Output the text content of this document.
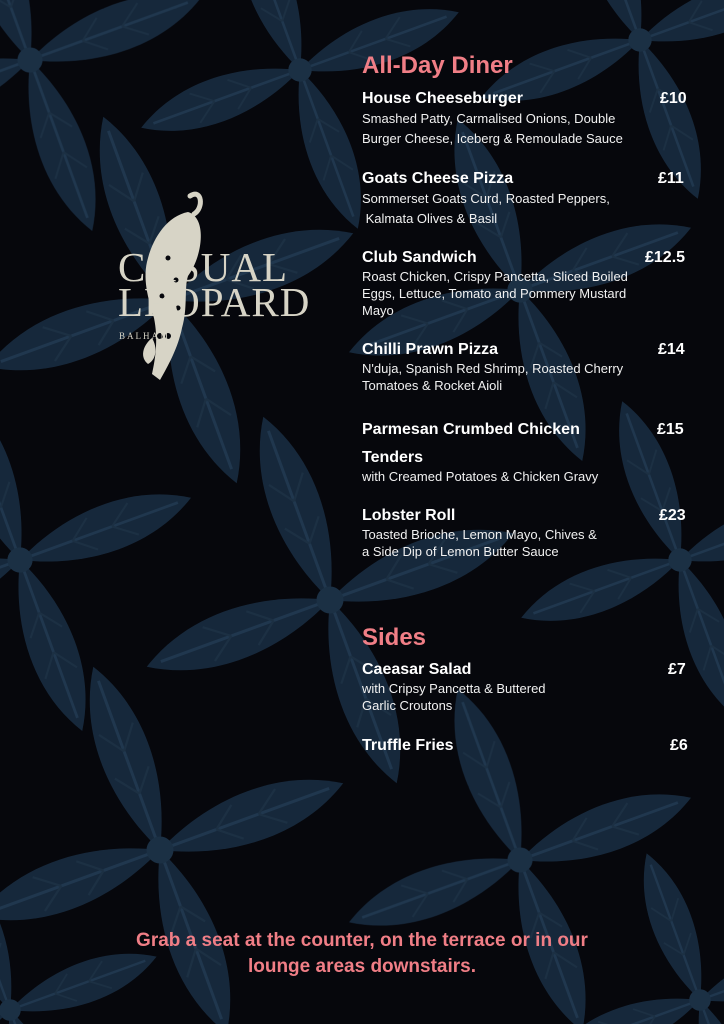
CASUAL
LEOPARD
BALHAM
All-Day Diner
House Cheeseburger	£10
Smashed Patty, Carmalised Onions, Double
Burger Cheese, Iceberg & Remoulade Sauce
Goats Cheese Pizza	£11
Sommerset Goats Curd, Roasted Peppers,
Kalmata Olives & Basil
Club Sandwich	£12.5
Roast Chicken, Crispy Pancetta, Sliced Boiled
Eggs, Lettuce, Tomato and Pommery Mustard
Mayo
Chilli Prawn Pizza	£14
N'duja, Spanish Red Shrimp, Roasted Cherry
Tomatoes & Rocket Aioli
Parmesan Crumbed Chicken	£15
Tenders
with Creamed Potatoes & Chicken Gravy
Lobster Roll	£23
Toasted Brioche, Lemon Mayo, Chives &
a Side Dip of Lemon Butter Sauce
Sides
Caeasar Salad	£7
with Cripsy Pancetta & Buttered
Garlic Croutons
Truffle Fries	£6
Grab a seat at the counter, on the terrace or in our
lounge areas downstairs.
